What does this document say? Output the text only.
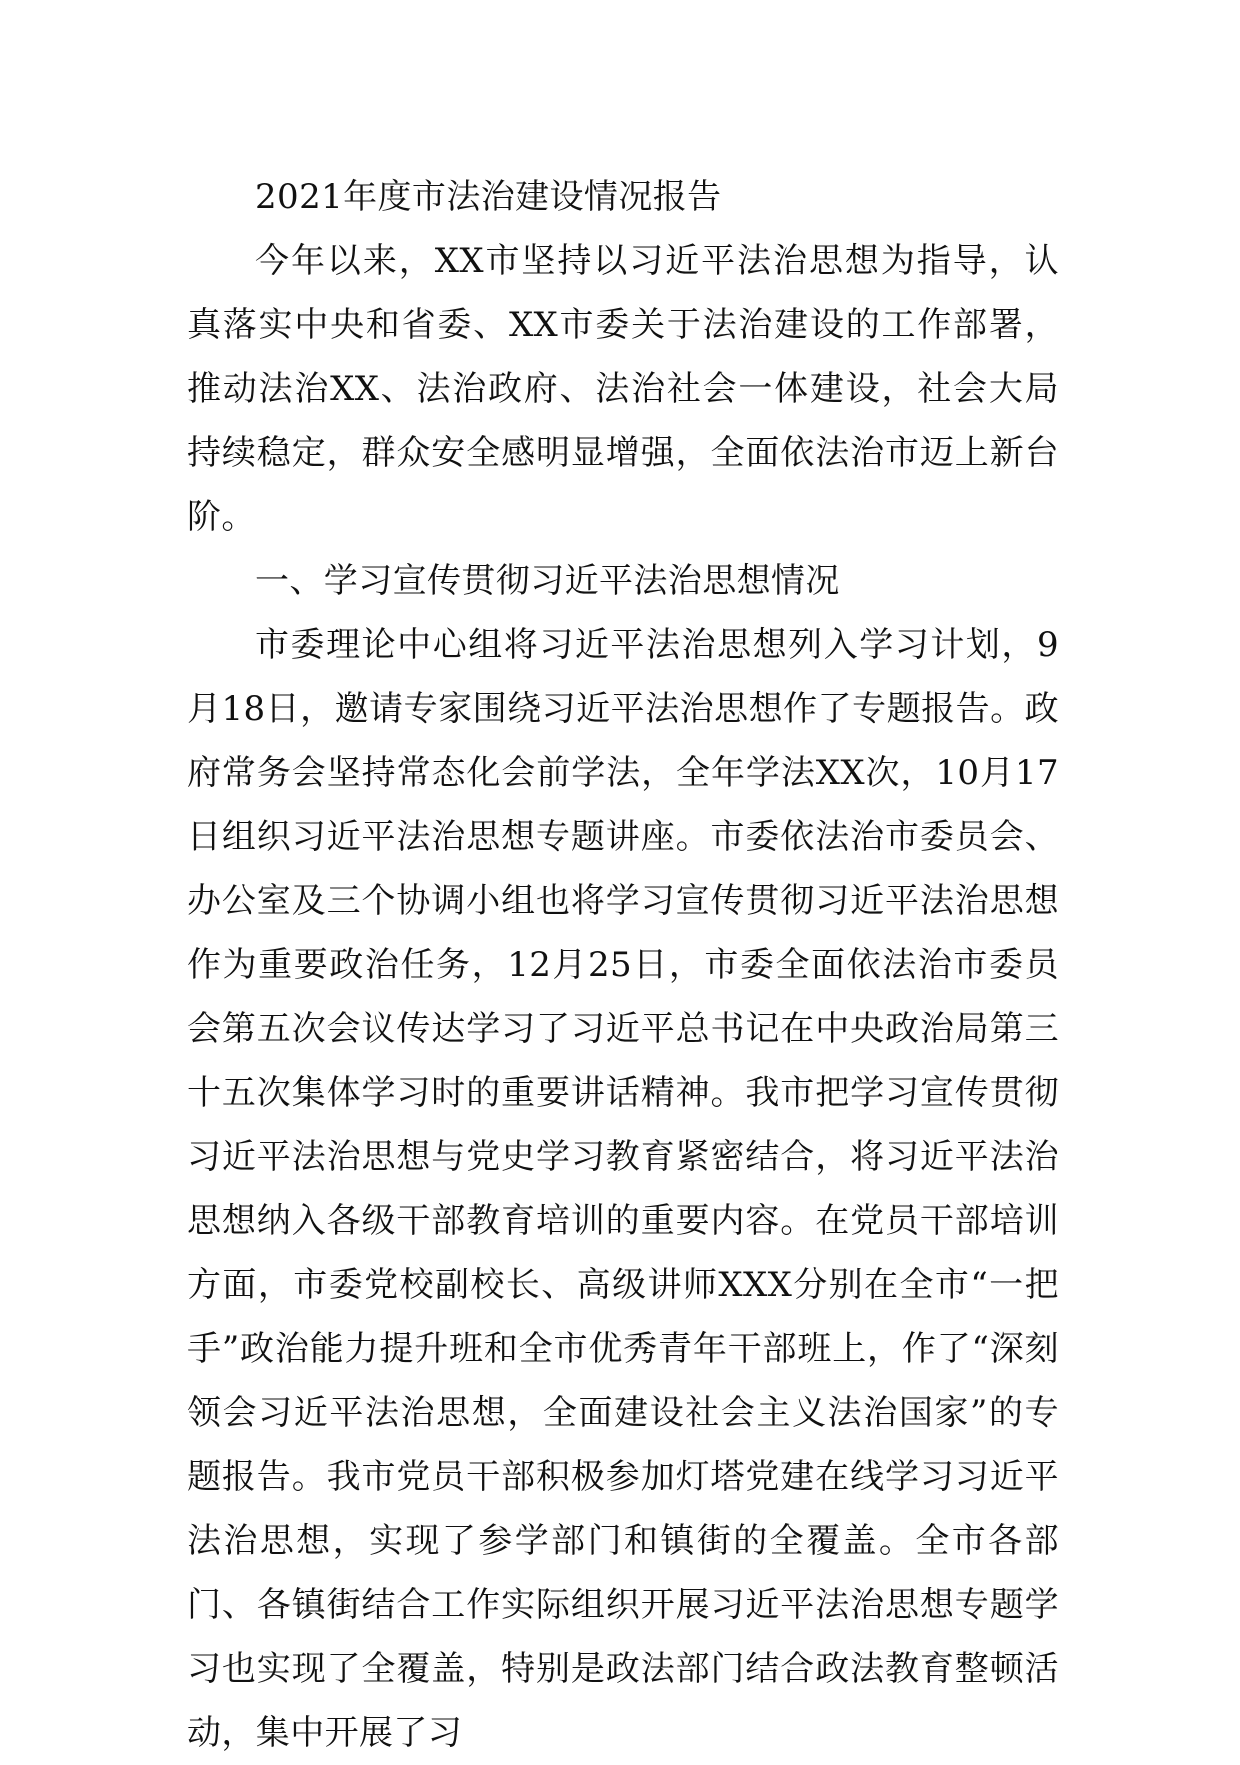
2021年度市法治建设情况报告

今年以来，XX市坚持以习近平法治思想为指导，认真落实中央和省委、XX市委关于法治建设的工作部署，推动法治XX、法治政府、法治社会一体建设，社会大局持续稳定，群众安全感明显增强，全面依法治市迈上新台阶。

一、学习宣传贯彻习近平法治思想情况

市委理论中心组将习近平法治思想列入学习计划，9月18日，邀请专家围绕习近平法治思想作了专题报告。政府常务会坚持常态化会前学法，全年学法XX次，10月17日组织习近平法治思想专题讲座。市委依法治市委员会、办公室及三个协调小组也将学习宣传贯彻习近平法治思想作为重要政治任务，12月25日，市委全面依法治市委员会第五次会议传达学习了习近平总书记在中央政治局第三十五次集体学习时的重要讲话精神。我市把学习宣传贯彻习近平法治思想与党史学习教育紧密结合，将习近平法治思想纳入各级干部教育培训的重要内容。在党员干部培训方面，市委党校副校长、高级讲师XXX分别在全市“一把手”政治能力提升班和全市优秀青年干部班上，作了“深刻领会习近平法治思想，全面建设社会主义法治国家”的专题报告。我市党员干部积极参加灯塔党建在线学习习近平法治思想，实现了参学部门和镇街的全覆盖。全市各部门、各镇街结合工作实际组织开展习近平法治思想专题学习也实现了全覆盖，特别是政法部门结合政法教育整顿活动，集中开展了习
